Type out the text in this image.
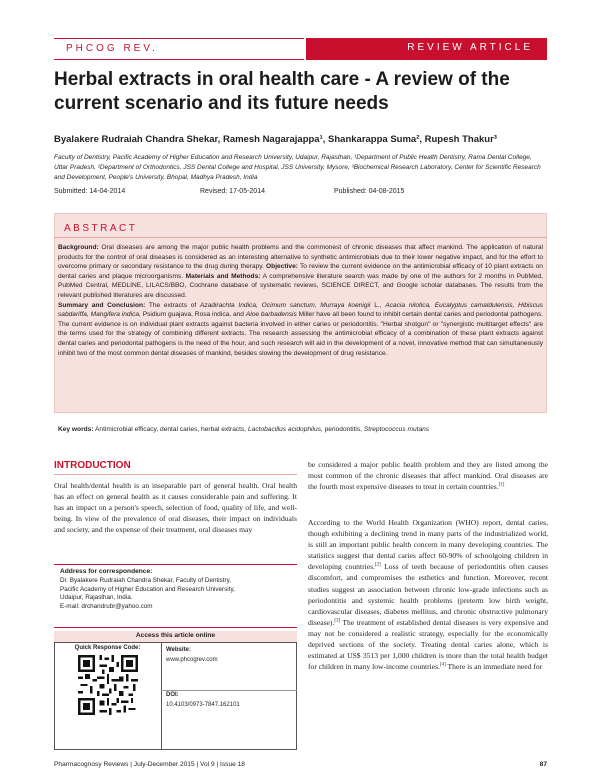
PHCOG REV.	REVIEW ARTICLE
Herbal extracts in oral health care - A review of the current scenario and its future needs
Byalakere Rudraiah Chandra Shekar, Ramesh Nagarajappa¹, Shankarappa Suma², Rupesh Thakur³
Faculty of Dentistry, Pacific Academy of Higher Education and Research University, Udaipur, Rajasthan, ¹Department of Public Health Dentistry, Rama Dental College, Uttar Pradesh, ²Department of Orthodontics, JSS Dental College and Hospital, JSS University, Mysore, ³Biochemical Research Laboratory, Center for Scientific Research and Development, People's University, Bhopal, Madhya Pradesh, India
Submitted: 14-04-2014	Revised: 17-05-2014	Published: 04-08-2015
ABSTRACT
Background: Oral diseases are among the major public health problems and the commonest of chronic diseases that affect mankind. The application of natural products for the control of oral diseases is considered as an interesting alternative to synthetic antimicrobials due to their lower negative impact, and for the effort to overcome primary or secondary resistance to the drug during therapy. Objective: To review the current evidence on the antimicrobial efficacy of 10 plant extracts on dental caries and plaque microorganisms. Materials and Methods: A comprehensive literature search was made by one of the authors for 2 months in PubMed, PubMed Central, MEDLINE, LILACS/BBO, Cochrane database of systematic reviews, SCIENCE DIRECT, and Google scholar databases. The results from the relevant published literatures are discussed.
Summary and Conclusion: The extracts of Azadirachta Indica, Ocimum sanctum, Murraya koenigii L., Acacia nilotica, Eucalyptus camaldulensis, Hibiscus sabdariffa, Mangifera indica, Psidium guajava, Rosa indica, and Aloe barbadensis Miller have all been found to inhibit certain dental caries and periodontal pathogens. The current evidence is on individual plant extracts against bacteria involved in either caries or periodontitis. "Herbal shotgun" or "synergistic multitarget effects" are the terms used for the strategy of combining different extracts. The research assessing the antimicrobial efficacy of a combination of these plant extracts against dental caries and periodontal pathogens is the need of the hour, and such research will aid in the development of a novel, innovative method that can simultaneously inhibit two of the most common dental diseases of mankind, besides slowing the development of drug resistance.
Key words: Antimicrobial efficacy, dental caries, herbal extracts, Lactobacillus acidophilus, periodontitis, Streptococcus mutans
INTRODUCTION
Oral health/dental health is an inseparable part of general health. Oral health has an effect on general health as it causes considerable pain and suffering. It has an impact on a person's speech, selection of food, quality of life, and well-being. In view of the prevalence of oral diseases, their impact on individuals and society, and the expense of their treatment, oral diseases may
be considered a major public health problem and they are listed among the most common of the chronic diseases that affect mankind. Oral diseases are the fourth most expensive diseases to treat in certain countries.[1]
According to the World Health Organization (WHO) report, dental caries, though exhibiting a declining trend in many parts of the industrialized world, is still an important public health concern in many developing countries. The statistics suggest that dental caries affect 60-90% of schoolgoing children in developing countries.[2] Loss of teeth because of periodontitis often causes discomfort, and compromises the esthetics and function. Moreover, recent studies suggest an association between chronic low-grade infections such as periodontitis and systemic health problems (preterm low birth weight, cardiovascular diseases, diabetes mellitus, and chronic obstructive pulmonary disease).[3] The treatment of established dental diseases is very expensive and may not be considered a realistic strategy, especially for the economically deprived sections of the society. Treating dental caries alone, which is estimated at US$ 3513 per 1,000 children is more than the total health budget for children in many low-income countries.[4] There is an immediate need for
Address for correspondence:
Dr. Byalakere Rudraiah Chandra Shekar, Faculty of Dentistry,
Pacific Academy of Higher Education and Research University,
Udaipur, Rajasthan, India.
E-mail: drchandrubr@yahoo.com
Access this article online
Quick Response Code:	Website:
www.phcogrev.com
DOI:
10.4103/0973-7847.162101
Pharmacognosy Reviews | July-December 2015 | Vol 9 | Issue 18	87
